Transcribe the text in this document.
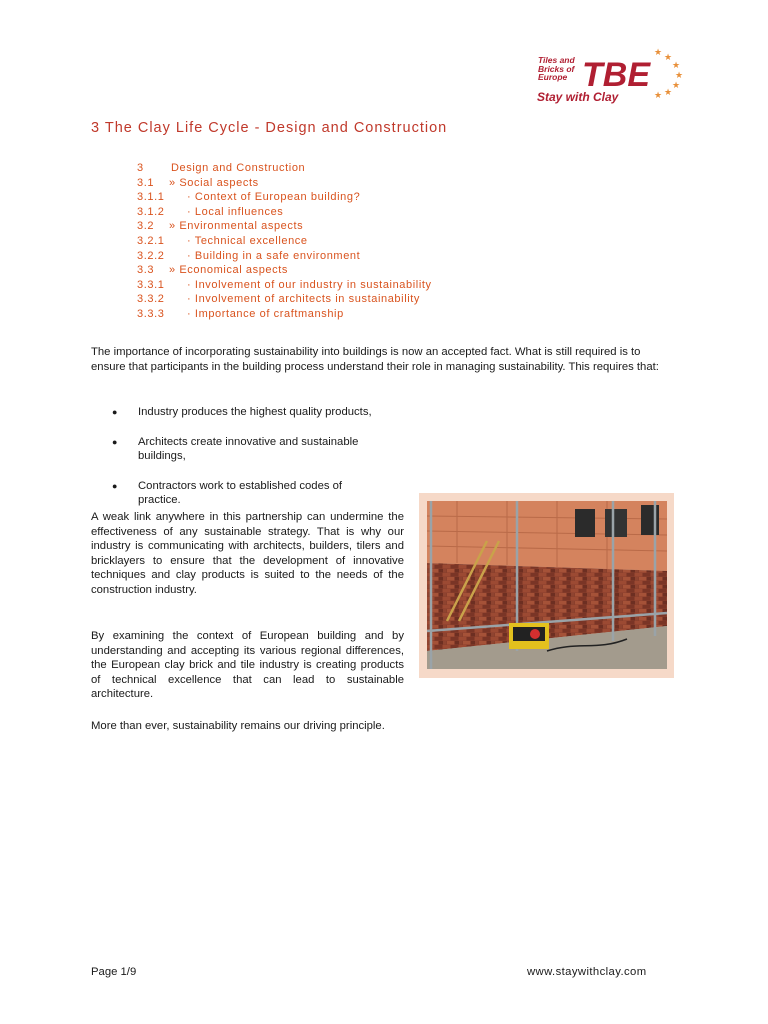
Tiles and
Bricks of
Europe TBE ★
★
★
★
★
★
★
Stay with Clay
3 The Clay Life Cycle - Design and Construction
3 Design and Construction
3.1 » Social aspects
3.1.1 · Context of European building?
3.1.2 · Local influences
3.2 » Environmental aspects
3.2.1 · Technical excellence
3.2.2 · Building in a safe environment
3.3 » Economical aspects
3.3.1 · Involvement of our industry in sustainability
3.3.2 · Involvement of architects in sustainability
3.3.3 · Importance of craftmanship

The importance of incorporating sustainability into buildings is now an accepted fact. What is still required is to ensure that participants in the building process understand their role in managing sustainability. This requires that:

● Industry produces the highest quality products,
● Architects create innovative and sustainable buildings,
● Contractors work to established codes of practice.

A weak link anywhere in this partnership can undermine the effectiveness of any sustainable strategy. That is why our industry is communicating with architects, builders, tilers and bricklayers to ensure that the development of innovative techniques and clay products is suited to the needs of the construction industry.

By examining the context of European building and by understanding and accepting its various regional differences, the European clay brick and tile industry is creating products of technical excellence that can lead to sustainable architecture.

More than ever, sustainability remains our driving principle.

Page 1/9	www.staywithclay.com
